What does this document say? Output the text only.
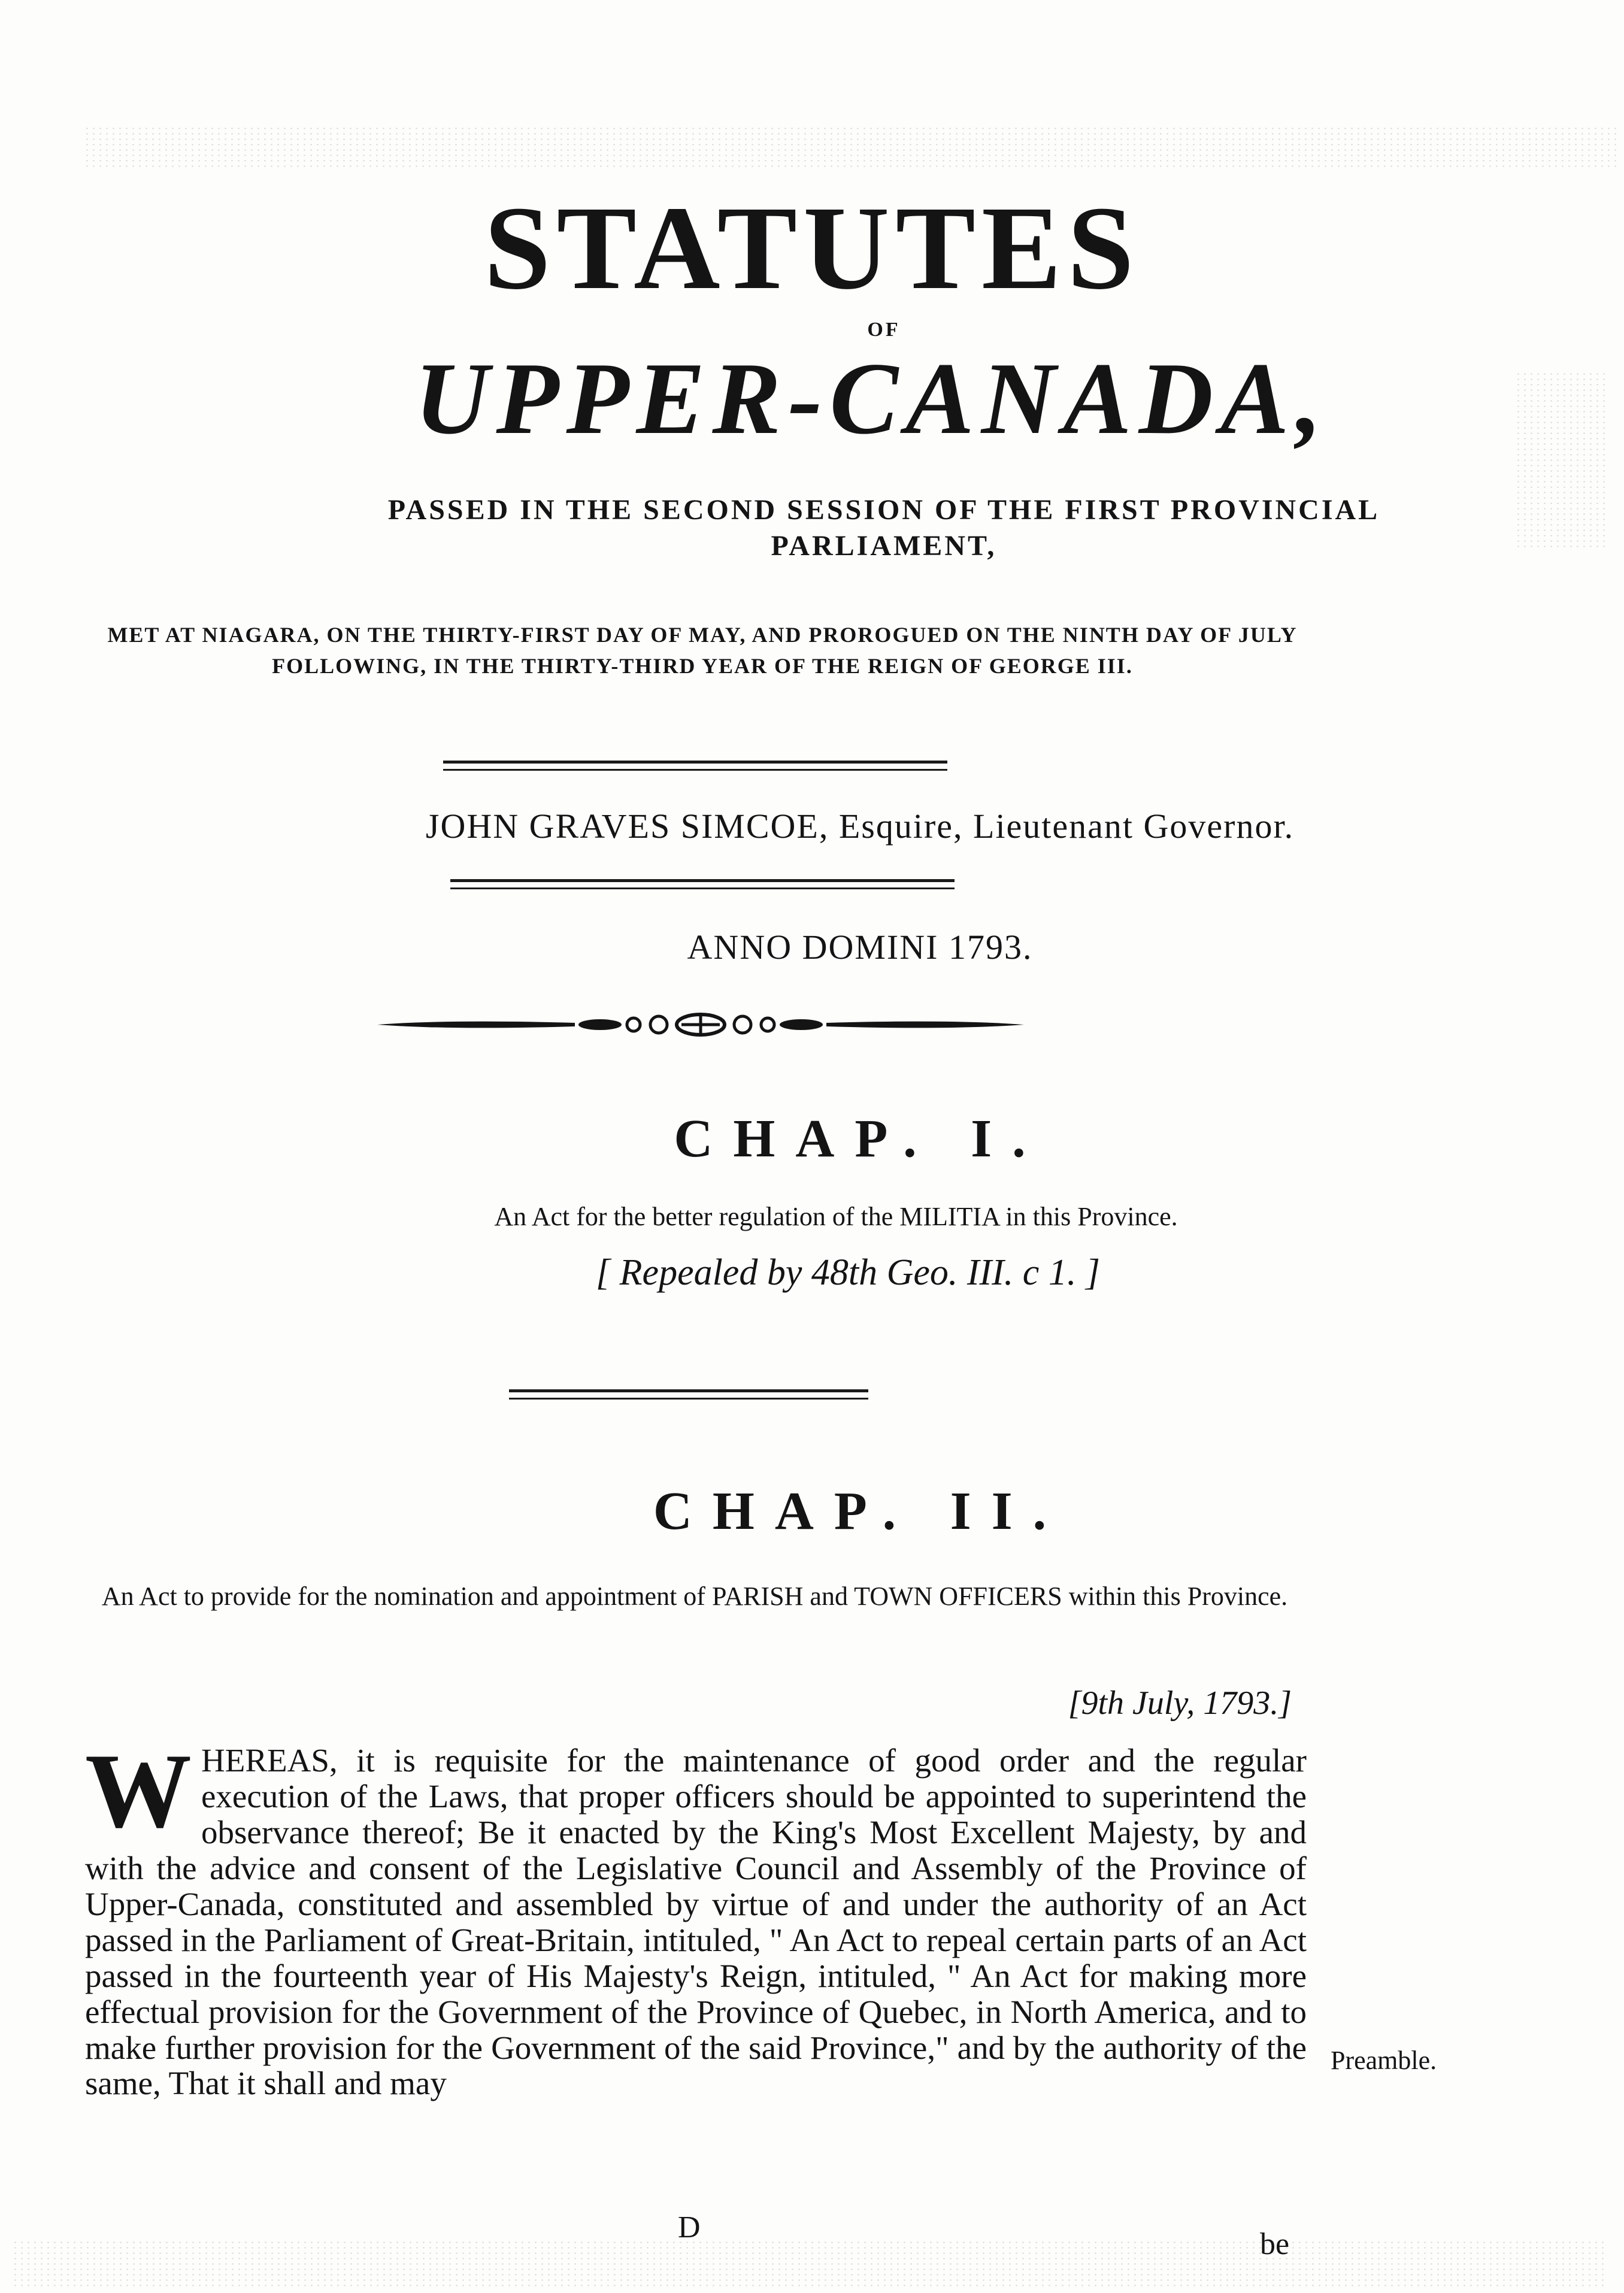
STATUTES
OF
UPPER-CANADA,
PASSED IN THE SECOND SESSION OF THE FIRST PROVINCIAL
PARLIAMENT,
MET AT NIAGARA, ON THE THIRTY-FIRST DAY OF MAY, AND PROROGUED ON THE NINTH DAY OF JULY FOLLOWING, IN THE THIRTY-THIRD YEAR OF THE REIGN OF GEORGE III.
JOHN GRAVES SIMCOE, Esquire, Lieutenant Governor.
ANNO DOMINI 1793.
CHAP. I.
An Act for the better regulation of the MILITIA in this Province.
[ Repealed by 48th Geo. III. c 1. ]
CHAP. II.
An Act to provide for the nomination and appointment of PARISH and TOWN OFFICERS within this Province.
[9th July, 1793.]
WHEREAS, it is requisite for the maintenance of good order and the regular execution of the Laws, that proper officers should be appointed to superintend the observance thereof; Be it enacted by the King's Most Excellent Majesty, by and with the advice and consent of the Legislative Council and Assembly of the Province of Upper-Canada, constituted and assembled by virtue of and under the authority of an Act passed in the Parliament of Great-Britain, intituled, " An Act to repeal certain parts of an Act passed in the fourteenth year of His Majesty's Reign, intituled, " An Act for making more effectual provision for the Government of the Province of Quebec, in North America, and to make further provision for the Government of the said Province," and by the authority of the same, That it shall and may
Preamble.
D	be
